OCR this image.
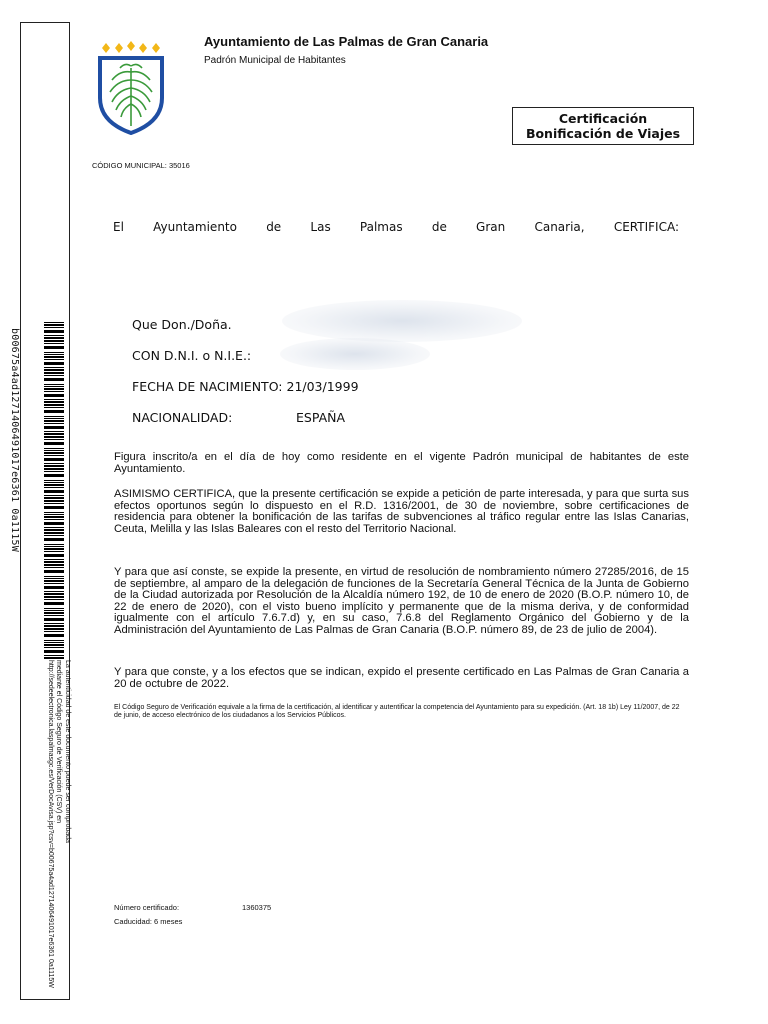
b00675a4ad1271406491017e6361 0a1115W
La autenticidad de este documento puede ser comprobada
mediante el Código Seguro de Verificación (CSV) en
http://sedeelectronica.laspalmasgc.es/VerDocAvisa.jsp?csv=b00675a4ad1271406491017e6361 0a1115W
Ayuntamiento de Las Palmas de Gran Canaria
Padrón Municipal de Habitantes
Certificación
Bonificación de Viajes
CÓDIGO MUNICIPAL: 35016
El Ayuntamiento de Las Palmas de Gran Canaria, CERTIFICA:
Que Don./Doña.
CON D.N.I. o N.I.E.:
FECHA DE NACIMIENTO: 21/03/1999
NACIONALIDAD:	ESPAÑA
Figura inscrito/a en el día de hoy como residente en el vigente Padrón municipal de habitantes de este Ayuntamiento.
ASIMISMO CERTIFICA, que la presente certificación se expide a petición de parte interesada, y para que surta sus efectos oportunos según lo dispuesto en el R.D. 1316/2001, de 30 de noviembre, sobre certificaciones de residencia para obtener la bonificación de las tarifas de subvenciones al tráfico regular entre las Islas Canarias, Ceuta, Melilla y las Islas Baleares con el resto del Territorio Nacional.
Y para que así conste, se expide la presente, en virtud de resolución de nombramiento número 27285/2016, de 15 de septiembre, al amparo de la delegación de funciones de la Secretaría General Técnica de la Junta de Gobierno de la Ciudad autorizada por Resolución de la Alcaldía número 192, de 10 de enero de 2020 (B.O.P. número 10, de 22 de enero de 2020), con el visto bueno implícito y permanente que de la misma deriva, y de conformidad igualmente con el artículo 7.6.7.d) y, en su caso, 7.6.8 del Reglamento Orgánico del Gobierno y de la Administración del Ayuntamiento de Las Palmas de Gran Canaria (B.O.P. número 89, de 23 de julio de 2004).
Y para que conste, y a los efectos que se indican, expido el presente certificado en Las Palmas de Gran Canaria a 20 de octubre de 2022.
El Código Seguro de Verificación equivale a la firma de la certificación, al identificar y autentificar la competencia del Ayuntamiento para su expedición. (Art. 18 1b) Ley 11/2007, de 22 de junio, de acceso electrónico de los ciudadanos a los Servicios Públicos.
Número certificado:	1360375
Caducidad: 6 meses
